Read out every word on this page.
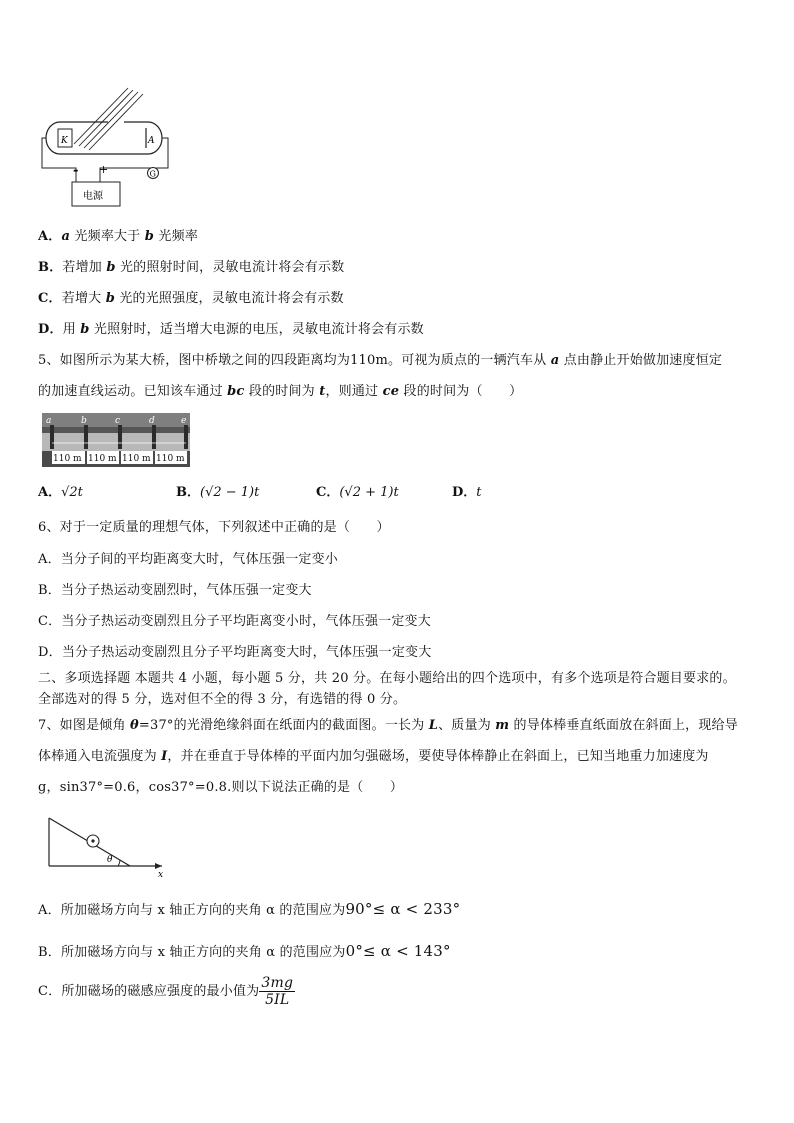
K	A
- +	G
电源
A．a 光频率大于 b 光频率
B．若增加 b 光的照射时间，灵敏电流计将会有示数
C．若增大 b 光的光照强度，灵敏电流计将会有示数
D．用 b 光照射时，适当增大电源的电压，灵敏电流计将会有示数
5、如图所示为某大桥，图中桥墩之间的四段距离均为110m。可视为质点的一辆汽车从 a 点由静止开始做加速度恒定
的加速直线运动。已知该车通过 bc 段的时间为 t，则通过 ce 段的时间为（　　）
a	b	c	d	e
110 m 110 m 110 m 110 m
A．√2t	B．(√2 − 1)t	C．(√2 + 1)t	D．t
6、对于一定质量的理想气体，下列叙述中正确的是（　　）
A．当分子间的平均距离变大时，气体压强一定变小
B．当分子热运动变剧烈时，气体压强一定变大
C．当分子热运动变剧烈且分子平均距离变小时，气体压强一定变大
D．当分子热运动变剧烈且分子平均距离变大时，气体压强一定变大
二、多项选择题 本题共 4 小题，每小题 5 分，共 20 分。在每小题给出的四个选项中，有多个选项是符合题目要求的。
全部选对的得 5 分，选对但不全的得 3 分，有选错的得 0 分。
7、如图是倾角 θ=37°的光滑绝缘斜面在纸面内的截面图。一长为 L、质量为 m 的导体棒垂直纸面放在斜面上，现给导
体棒通入电流强度为 I，并在垂直于导体棒的平面内加匀强磁场，要使导体棒静止在斜面上，已知当地重力加速度为
g，sin37°=0.6，cos37°=0.8.则以下说法正确的是（　　）
θ
x
A．所加磁场方向与 x 轴正方向的夹角 α 的范围应为90°≤ α < 233°
B．所加磁场方向与 x 轴正方向的夹角 α 的范围应为0°≤ α < 143°
C．所加磁场的磁感应强度的最小值为 $\frac{3mg}{5IL}$
